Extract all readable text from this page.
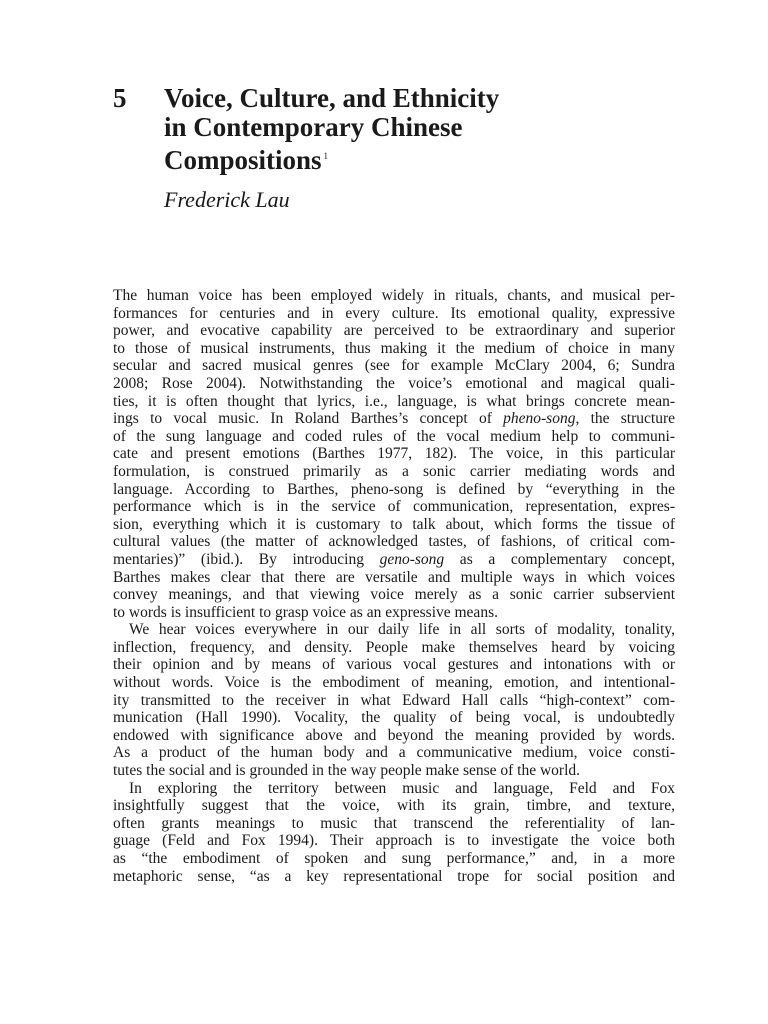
5 Voice, Culture, and Ethnicity
in Contemporary Chinese
Compositions $^1$
Frederick Lau

The human voice has been employed widely in rituals, chants, and musical per-
formances for centuries and in every culture. Its emotional quality, expressive
power, and evocative capability are perceived to be extraordinary and superior
to those of musical instruments, thus making it the medium of choice in many
secular and sacred musical genres (see for example McClary 2004, 6; Sundra
2008; Rose 2004). Notwithstanding the voice’s emotional and magical quali-
ties, it is often thought that lyrics, i.e., language, is what brings concrete mean-
ings to vocal music. In Roland Barthes’s concept of pheno-song, the structure
of the sung language and coded rules of the vocal medium help to communi-
cate and present emotions (Barthes 1977, 182). The voice, in this particular
formulation, is construed primarily as a sonic carrier mediating words and
language. According to Barthes, pheno-song is defined by “everything in the
performance which is in the service of communication, representation, expres-
sion, everything which it is customary to talk about, which forms the tissue of
cultural values (the matter of acknowledged tastes, of fashions, of critical com-
mentaries)” (ibid.). By introducing geno-song as a complementary concept,
Barthes makes clear that there are versatile and multiple ways in which voices
convey meanings, and that viewing voice merely as a sonic carrier subservient
to words is insufficient to grasp voice as an expressive means.

We hear voices everywhere in our daily life in all sorts of modality, tonality,
inflection, frequency, and density. People make themselves heard by voicing
their opinion and by means of various vocal gestures and intonations with or
without words. Voice is the embodiment of meaning, emotion, and intentional-
ity transmitted to the receiver in what Edward Hall calls “high-context” com-
munication (Hall 1990). Vocality, the quality of being vocal, is undoubtedly
endowed with significance above and beyond the meaning provided by words.
As a product of the human body and a communicative medium, voice consti-
tutes the social and is grounded in the way people make sense of the world.

In exploring the territory between music and language, Feld and Fox
insightfully suggest that the voice, with its grain, timbre, and texture,
often grants meanings to music that transcend the referentiality of lan-
guage (Feld and Fox 1994). Their approach is to investigate the voice both
as “the embodiment of spoken and sung performance,” and, in a more
metaphoric sense, “as a key representational trope for social position and
